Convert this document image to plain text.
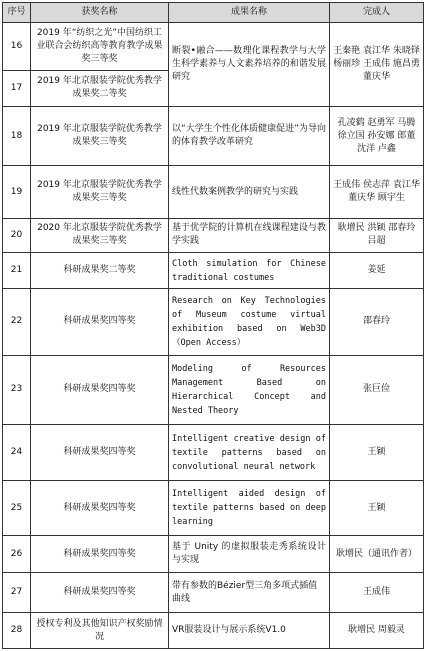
序号	获奖名称	成果名称	完成人
16	2019 年“纺织之光”中国纺织工业联合会纺织高等教育教学成果奖三等奖	断裂•融合——数理化课程教学与大学生科学素养与人文素养培养的和谐发展研究	王秦艳 袁江华 朱晓铎 杨丽珍 王成伟 施昌勇 董庆华
17	2019 年北京服装学院优秀教学成果奖二等奖		
18	2019 年北京服装学院优秀教学成果奖三等奖	以“大学生个性化体质健康促进”为导向的体育教学改革研究	孔凌鹤 赵勇军 马腾 徐立国 孙安娜 郎董 沈洋 卢鑫
19	2019 年北京服装学院优秀教学成果奖三等奖	线性代数案例教学的研究与实践	王成伟 侯志萍 袁江华 董庆华 顾宇生
20	2020 年北京服装学院优秀教学成果奖三等奖	基于优学院的计算机在线课程建设与教学实践	耿增民 洪颖 邵春玲 吕超
21	科研成果奖二等奖	Cloth simulation for Chinese traditional costumes	姜延
22	科研成果奖四等奖	Research on Key Technologies of Museum costume virtual exhibition based on Web3D（Open Access）	邵春玲
23	科研成果奖四等奖	Modeling of Resources Management Based on Hierarchical Concept and Nested Theory	张巨俭
24	科研成果奖四等奖	Intelligent creative design of textile patterns based on convolutional neural network	王颖
25	科研成果奖四等奖	Intelligent aided design of textile patterns based on deep learning	王颖
26	科研成果奖四等奖	基于 Unity 的虚拟服装走秀系统设计与实现	耿增民（通讯作者）
27	科研成果奖四等奖	带有参数的Bézier型三角多项式插值曲线	王成伟
28	授权专利及其他知识产权奖励情况	VR服装设计与展示系统V1.0	耿增民 周毅灵
